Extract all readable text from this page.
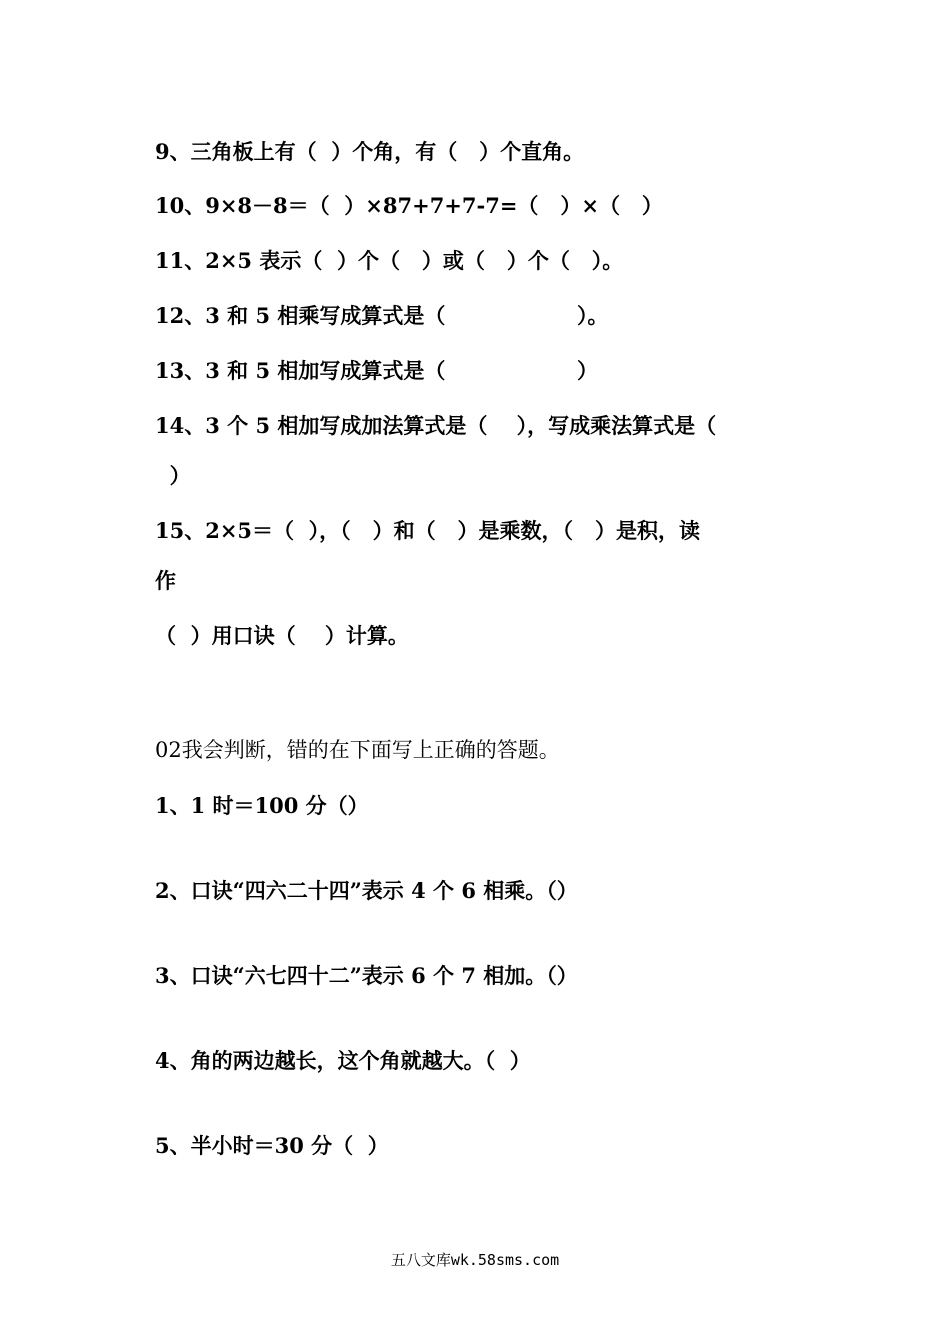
9、三角板上有（  ）个角，有（   ）个直角。
10、9×8－8＝（  ）×87+7+7-7=（   ）×（   ）
11、2×5 表示（  ）个（   ）或（   ）个（   ）。
12、3 和 5 相乘写成算式是（                  ）。
13、3 和 5 相加写成算式是（                  ）
14、3 个 5 相加写成加法算式是（    ），写成乘法算式是（
）
15、2×5＝（  ），（   ）和（   ）是乘数，（   ）是积，读
作
（  ）用口诀（    ）计算。
02我会判断，错的在下面写上正确的答题。
1、1 时＝100 分（）
2、口诀“四六二十四”表示 4 个 6 相乘。（）
3、口诀“六七四十二”表示 6 个 7 相加。（）
4、角的两边越长，这个角就越大。（  ）
5、半小时＝30 分（  ）
五八文库wk.58sms.com
